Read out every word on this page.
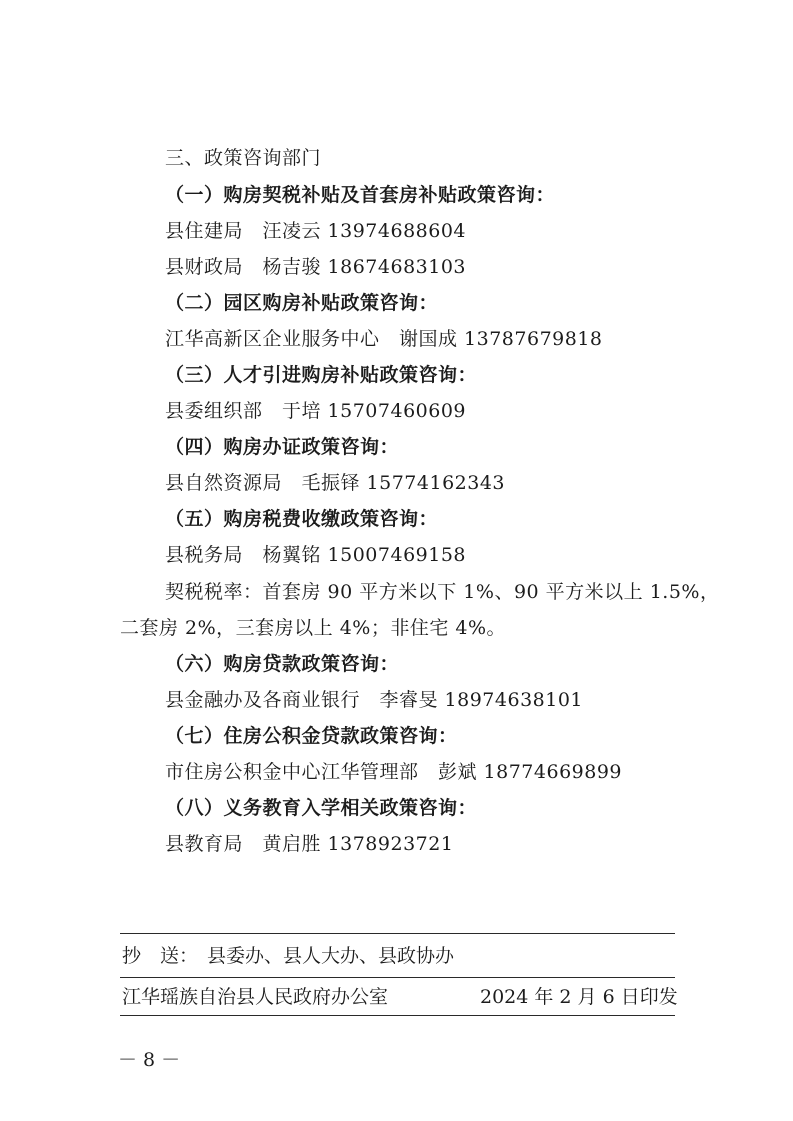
三、政策咨询部门
（一）购房契税补贴及首套房补贴政策咨询：
县住建局　汪凌云 13974688604
县财政局　杨吉骏 18674683103
（二）园区购房补贴政策咨询：
江华高新区企业服务中心　谢国成 13787679818
（三）人才引进购房补贴政策咨询：
县委组织部　于培 15707460609
（四）购房办证政策咨询：
县自然资源局　毛振铎 15774162343
（五）购房税费收缴政策咨询：
县税务局　杨翼铭 15007469158
契税税率：首套房 90 平方米以下 1%、90 平方米以上 1.5%，
二套房 2%，三套房以上 4%；非住宅 4%。
（六）购房贷款政策咨询：
县金融办及各商业银行　李睿旻 18974638101
（七）住房公积金贷款政策咨询：
市住房公积金中心江华管理部　彭斌 18774669899
（八）义务教育入学相关政策咨询：
县教育局　黄启胜 1378923721
抄　送： 县委办、县人大办、县政协办
江华瑶族自治县人民政府办公室	2024 年 2 月 6 日印发
－ 8 －
